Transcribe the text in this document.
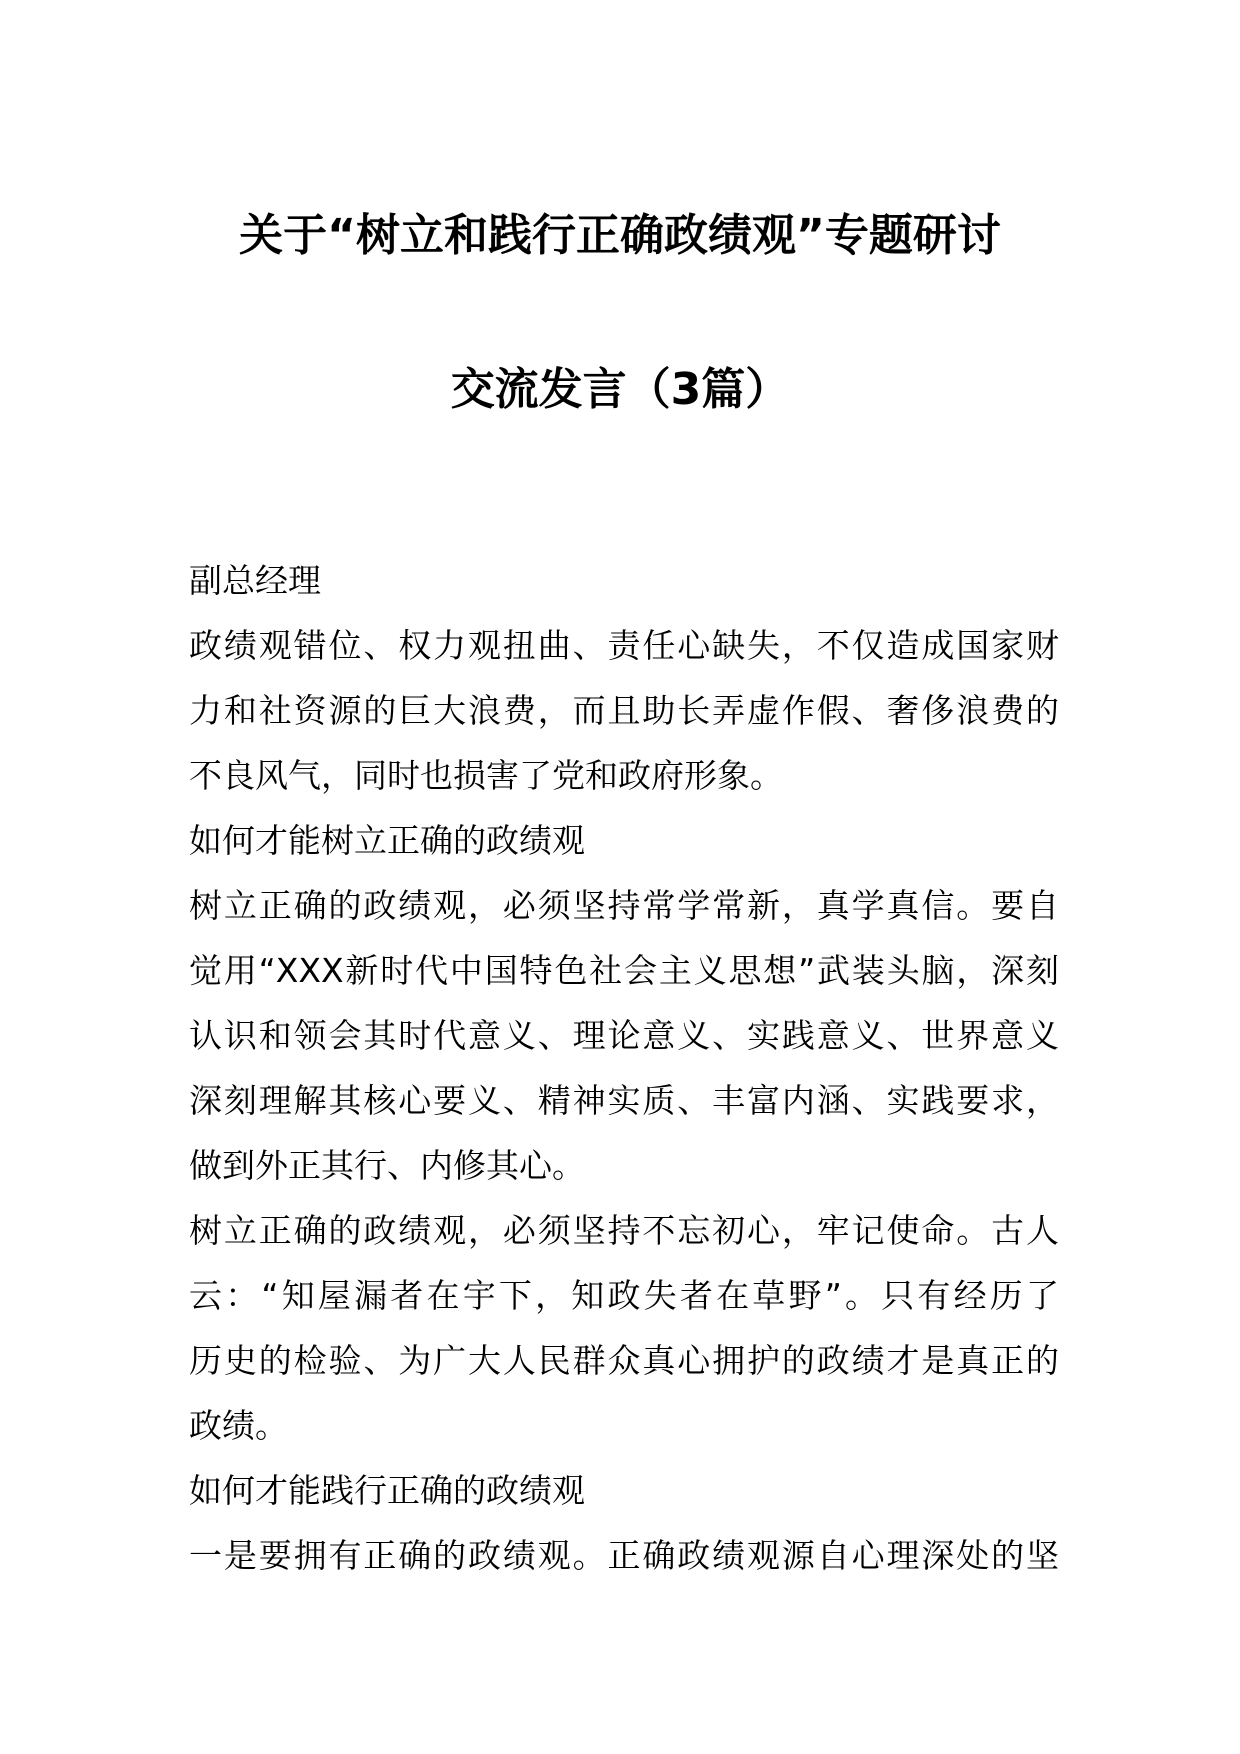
关于“树立和践行正确政绩观”专题研讨
交流发言（3篇）
副总经理
政绩观错位、权力观扭曲、责任心缺失，不仅造成国家财
力和社资源的巨大浪费，而且助长弄虚作假、奢侈浪费的
不良风气，同时也损害了党和政府形象。
如何才能树立正确的政绩观
树立正确的政绩观，必须坚持常学常新，真学真信。要自
觉用“XXX新时代中国特色社会主义思想”武装头脑，深刻
认识和领会其时代意义、理论意义、实践意义、世界意义
深刻理解其核心要义、精神实质、丰富内涵、实践要求，
做到外正其行、内修其心。
树立正确的政绩观，必须坚持不忘初心，牢记使命。古人
云：“知屋漏者在宇下，知政失者在草野”。只有经历了
历史的检验、为广大人民群众真心拥护的政绩才是真正的
政绩。
如何才能践行正确的政绩观
一是要拥有正确的政绩观。正确政绩观源自心理深处的坚
